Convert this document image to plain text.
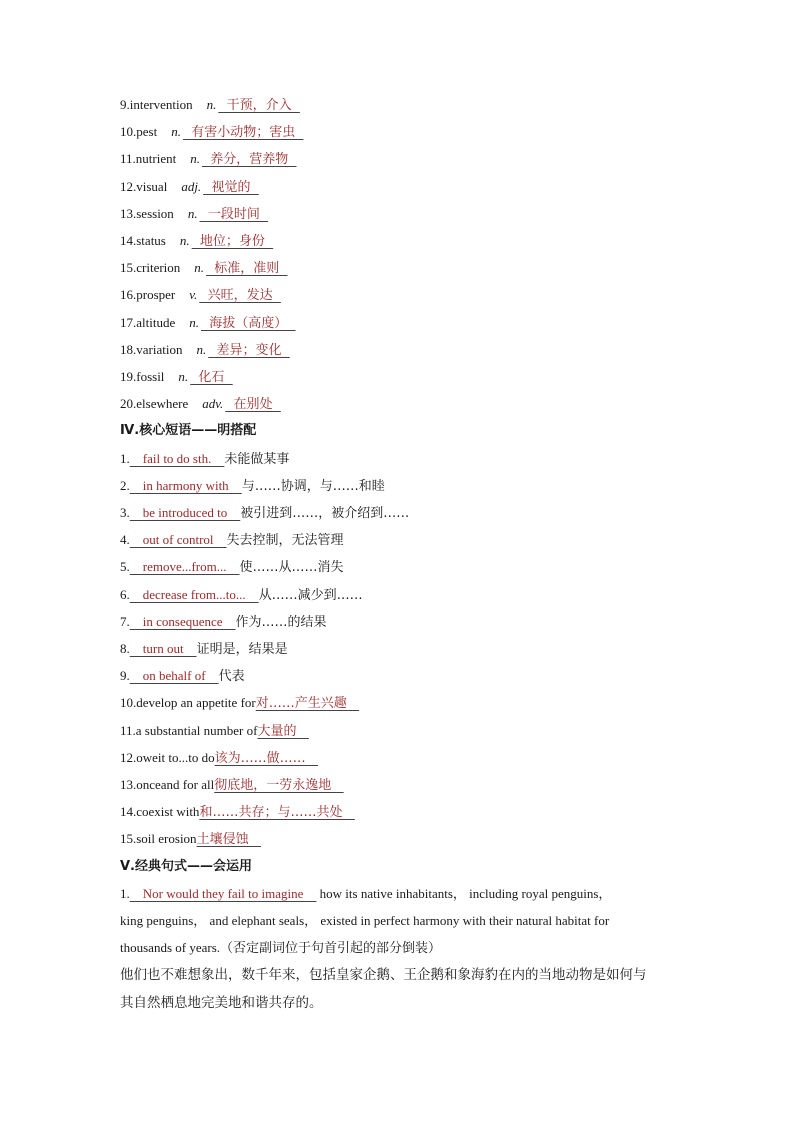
9.intervention n.  干预，介入
10.pest n.  有害小动物；害虫
11.nutrient n.  养分，营养物
12.visual adj.  视觉的
13.session n.  一段时间
14.status n.  地位；身份
15.criterion n.  标准，准则
16.prosper v.  兴旺，发达
17.altitude n.  海拔（高度）
18.variation n.  差异；变化
19.fossil n.  化石
20.elsewhere adv.  在别处
Ⅳ.核心短语——明搭配
1.    fail to do sth.    未能做某事
2.    in harmony with    与……协调，与……和睦
3.    be introduced to    被引进到……，被介绍到……
4.    out of control    失去控制，无法管理
5.    remove...from...    使……从……消失
6.    decrease from...to...    从……减少到……
7.    in consequence    作为……的结果
8.    turn out    证明是，结果是
9.    on behalf of    代表
10.develop an appetite for对……产生兴趣
11.a substantial number of大量的
12.oweit to...to do该为……做……
13.onceand for all彻底地，一劳永逸地
14.coexist with和……共存；与……共处
15.soil erosion土壤侵蚀
Ⅴ.经典句式——会运用
1.    Nor would they fail to imagine     how its native inhabitants， including royal penguins，
king penguins， and elephant seals， existed in perfect harmony with their natural habitat for
thousands of years.（否定副词位于句首引起的部分倒装）
他们也不难想象出，数千年来，包括皇家企鹅、王企鹅和象海豹在内的当地动物是如何与
其自然栖息地完美地和谐共存的。
